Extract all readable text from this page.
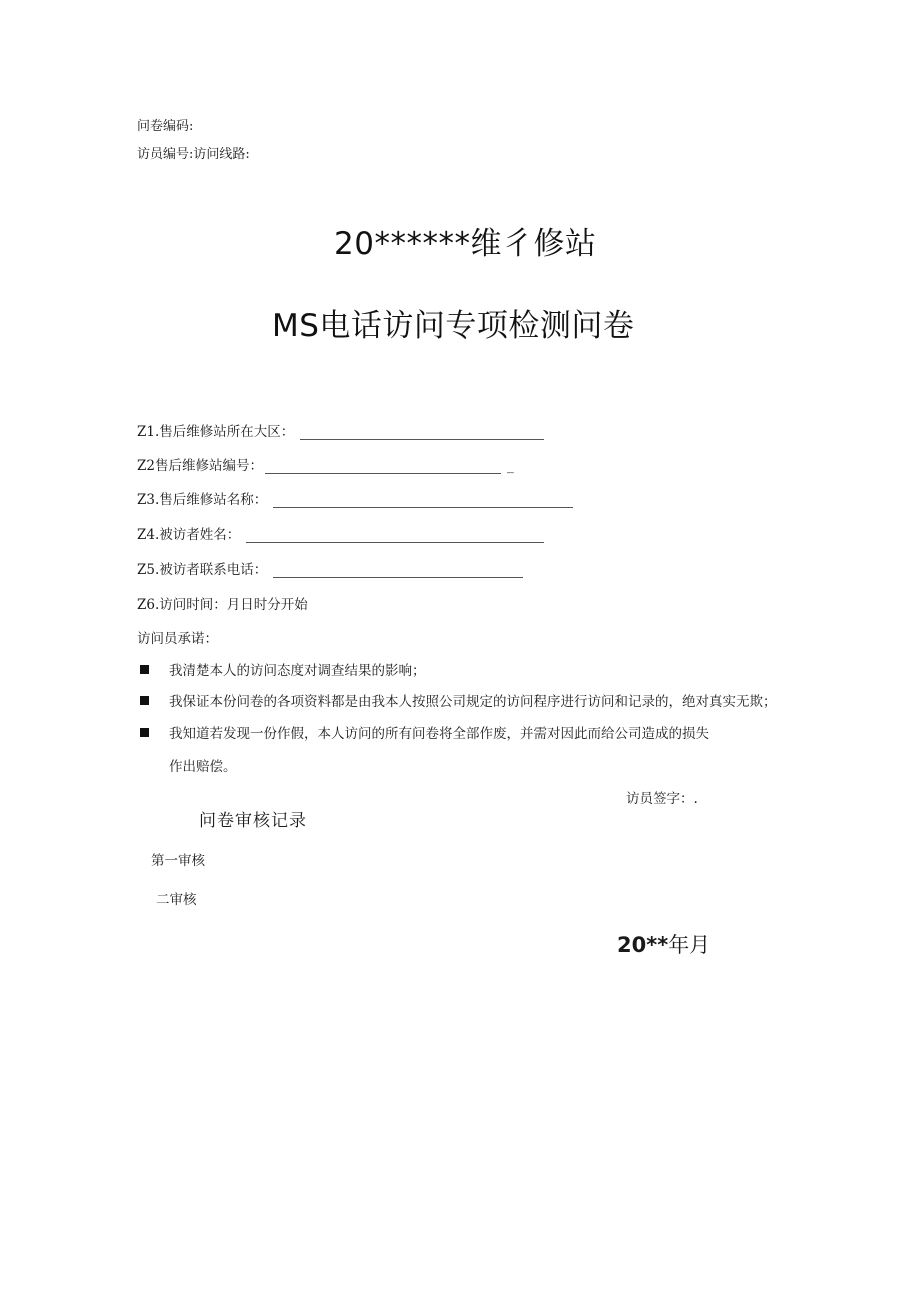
问卷编码:
访员编号:访问线路:
20******维彳修站
MS电话访问专项检测问卷
Z1.售后维修站所在大区：
Z2售后维修站编号：	_
Z3.售后维修站名称：
Z4.被访者姓名：
Z5.被访者联系电话：
Z6.访问时间：月日时分开始
访问员承诺：
我清楚本人的访问态度对调查结果的影响；
我保证本份问卷的各项资料都是由我本人按照公司规定的访问程序进行访问和记录的，绝对真实无欺；
我知道若发现一份作假，本人访问的所有问卷将全部作废，并需对因此而给公司造成的损失
作出赔偿。
访员签字：.
问卷审核记录
第一审核
二审核
20**年月
